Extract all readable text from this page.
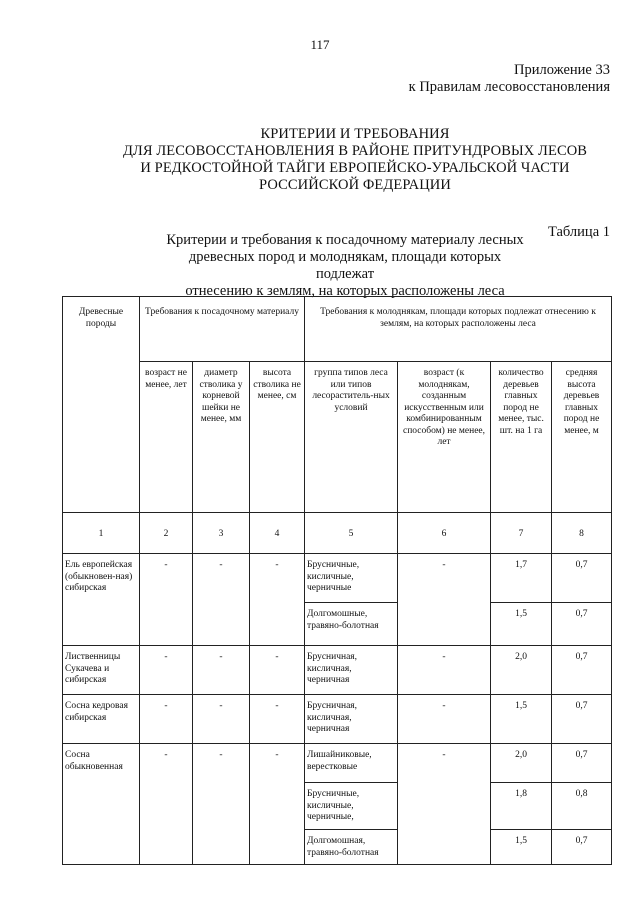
117
Приложение 33
к Правилам лесовосстановления
КРИТЕРИИ И ТРЕБОВАНИЯ
ДЛЯ ЛЕСОВОССТАНОВЛЕНИЯ В РАЙОНЕ ПРИТУНДРОВЫХ ЛЕСОВ
И РЕДКОСТОЙНОЙ ТАЙГИ ЕВРОПЕЙСКО-УРАЛЬСКОЙ ЧАСТИ
РОССИЙСКОЙ ФЕДЕРАЦИИ
Таблица 1
Критерии и требования к посадочному материалу лесных
древесных пород и молоднякам, площади которых подлежат
отнесению к землям, на которых расположены леса
Древесные породы	Требования к посадочному материалу			Требования к молоднякам, площади которых подлежат отнесению к землям, на которых расположены леса			
	возраст не менее, лет	диаметр стволика у корневой шейки не менее, мм	высота стволика не менее, см	группа типов леса или типов лесораститель-ных условий	возраст (к молоднякам, созданным искусственным или комбинированным способом) не менее, лет	количество деревьев главных пород не менее, тыс. шт. на 1 га	средняя высота деревьев главных пород не менее, м
1	2	3	4	5	6	7	8
Ель европейская (обыкновен-ная) сибирская	-	-	-	Брусничные, кисличные, черничные	-	1,7	0,7
				Долгомошные, травяно-болотная		1,5	0,7
Лиственницы Сукачева и сибирская	-	-	-	Брусничная, кисличная, черничная	-	2,0	0,7
Сосна кедровая сибирская	-	-	-	Брусничная, кисличная, черничная	-	1,5	0,7
Сосна обыкновенная	-	-	-	Лишайниковые, верестковые	-	2,0	0,7
				Брусничные, кисличные, черничные,		1,8	0,8
				Долгомошная, травяно-болотная		1,5	0,7
